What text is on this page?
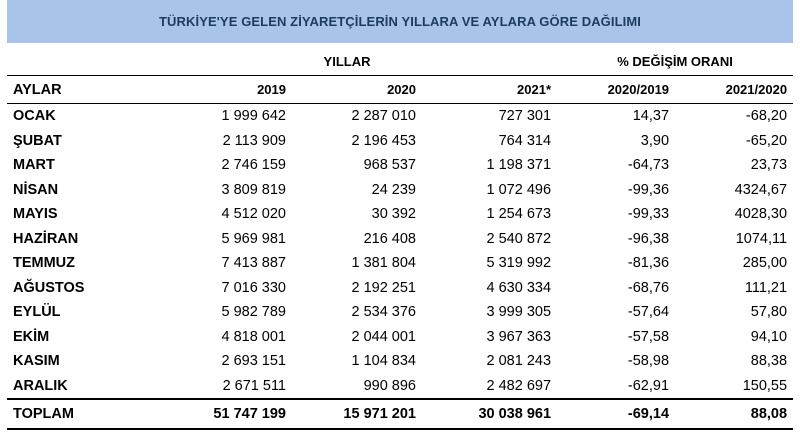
TÜRKİYE'YE GELEN ZİYARETÇİLERİN YILLARA VE AYLARA GÖRE DAĞILIMI
	YILLAR			% DEĞİŞİM ORANI	
AYLAR	2019	2020	2021*	2020/2019	2021/2020
OCAK	1 999 642	2 287 010	727 301	14,37	-68,20
ŞUBAT	2 113 909	2 196 453	764 314	3,90	-65,20
MART	2 746 159	968 537	1 198 371	-64,73	23,73
NİSAN	3 809 819	24 239	1 072 496	-99,36	4324,67
MAYIS	4 512 020	30 392	1 254 673	-99,33	4028,30
HAZİRAN	5 969 981	216 408	2 540 872	-96,38	1074,11
TEMMUZ	7 413 887	1 381 804	5 319 992	-81,36	285,00
AĞUSTOS	7 016 330	2 192 251	4 630 334	-68,76	111,21
EYLÜL	5 982 789	2 534 376	3 999 305	-57,64	57,80
EKİM	4 818 001	2 044 001	3 967 363	-57,58	94,10
KASIM	2 693 151	1 104 834	2 081 243	-58,98	88,38
ARALIK	2 671 511	990 896	2 482 697	-62,91	150,55
TOPLAM	51 747 199	15 971 201	30 038 961	-69,14	88,08
